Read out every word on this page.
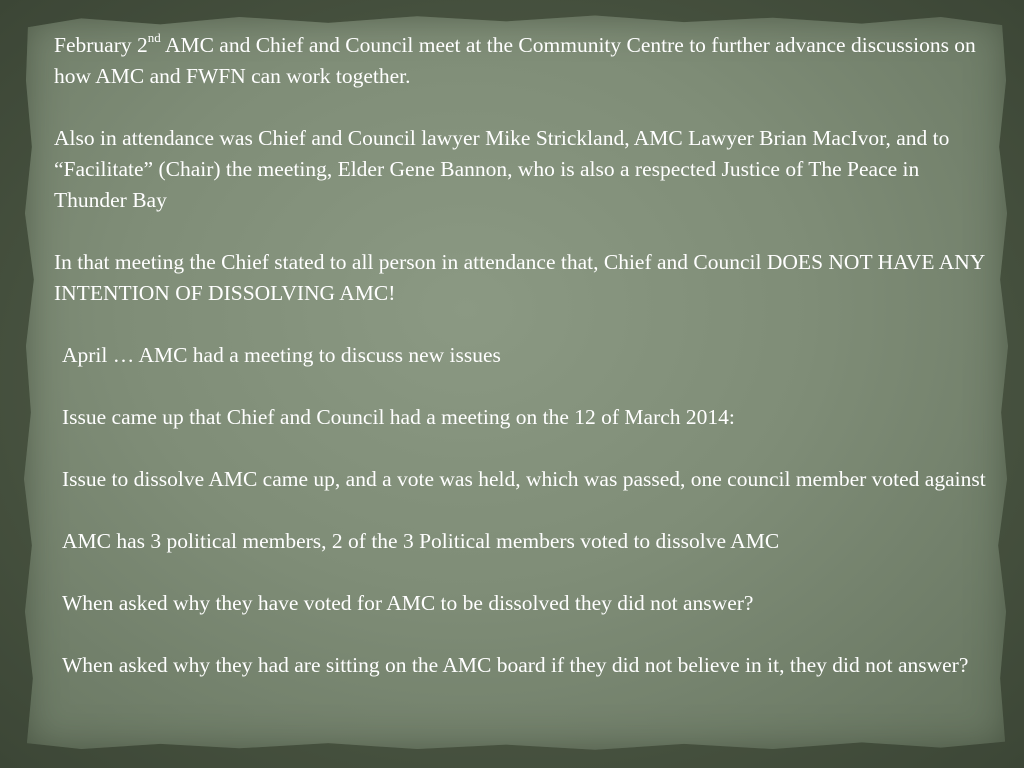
February 2nd AMC and Chief and Council meet at the Community Centre to further advance discussions on how AMC and FWFN can work together.

Also in attendance was Chief and Council lawyer Mike Strickland, AMC Lawyer Brian MacIvor, and to “Facilitate” (Chair) the meeting, Elder Gene Bannon, who is also a respected Justice of The Peace in Thunder Bay

In that meeting the Chief stated to all person in attendance that, Chief and Council DOES NOT HAVE ANY INTENTION OF DISSOLVING AMC!

April … AMC had a meeting to discuss new issues

Issue came up that Chief and Council had a meeting on the 12 of March 2014:

Issue to dissolve AMC came up, and a vote was held, which was passed, one council member voted against

AMC has 3 political members, 2 of the 3 Political members voted to dissolve AMC

When asked why they have voted for AMC to be dissolved they did not answer?

When asked why they had are sitting on the AMC board if they did not believe in it, they did not answer?
